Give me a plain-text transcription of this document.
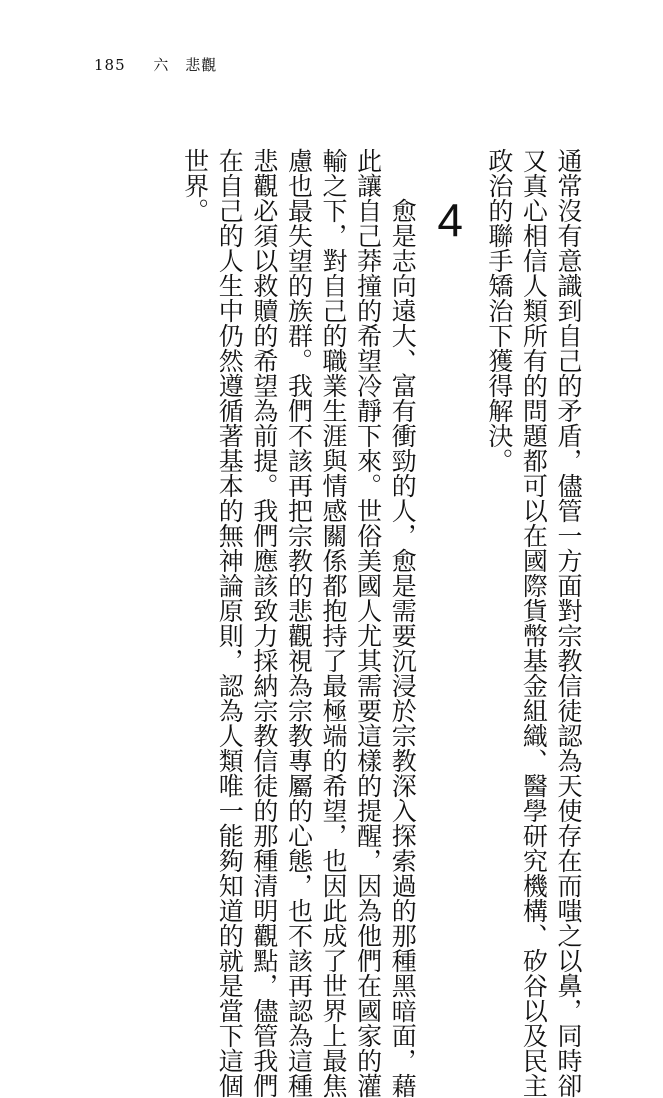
185 六 悲觀
通常沒有意識到自己的矛盾，儘管一方面對宗教信徒認為天使存在而嗤之以鼻，同時卻
又真心相信人類所有的問題都可以在國際貨幣基金組織、醫學研究機構、矽谷以及民主
政治的聯手矯治下獲得解決。
4
愈是志向遠大、富有衝勁的人，愈是需要沉浸於宗教深入探索過的那種黑暗面，藉
此讓自己莽撞的希望冷靜下來。世俗美國人尤其需要這樣的提醒，因為他們在國家的灌
輸之下，對自己的職業生涯與情感關係都抱持了最極端的希望，也因此成了世界上最焦
慮也最失望的族群。我們不該再把宗教的悲觀視為宗教專屬的心態，也不該再認為這種
悲觀必須以救贖的希望為前提。我們應該致力採納宗教信徒的那種清明觀點，儘管我們
在自己的人生中仍然遵循著基本的無神論原則，認為人類唯一能夠知道的就是當下這個
世界。
